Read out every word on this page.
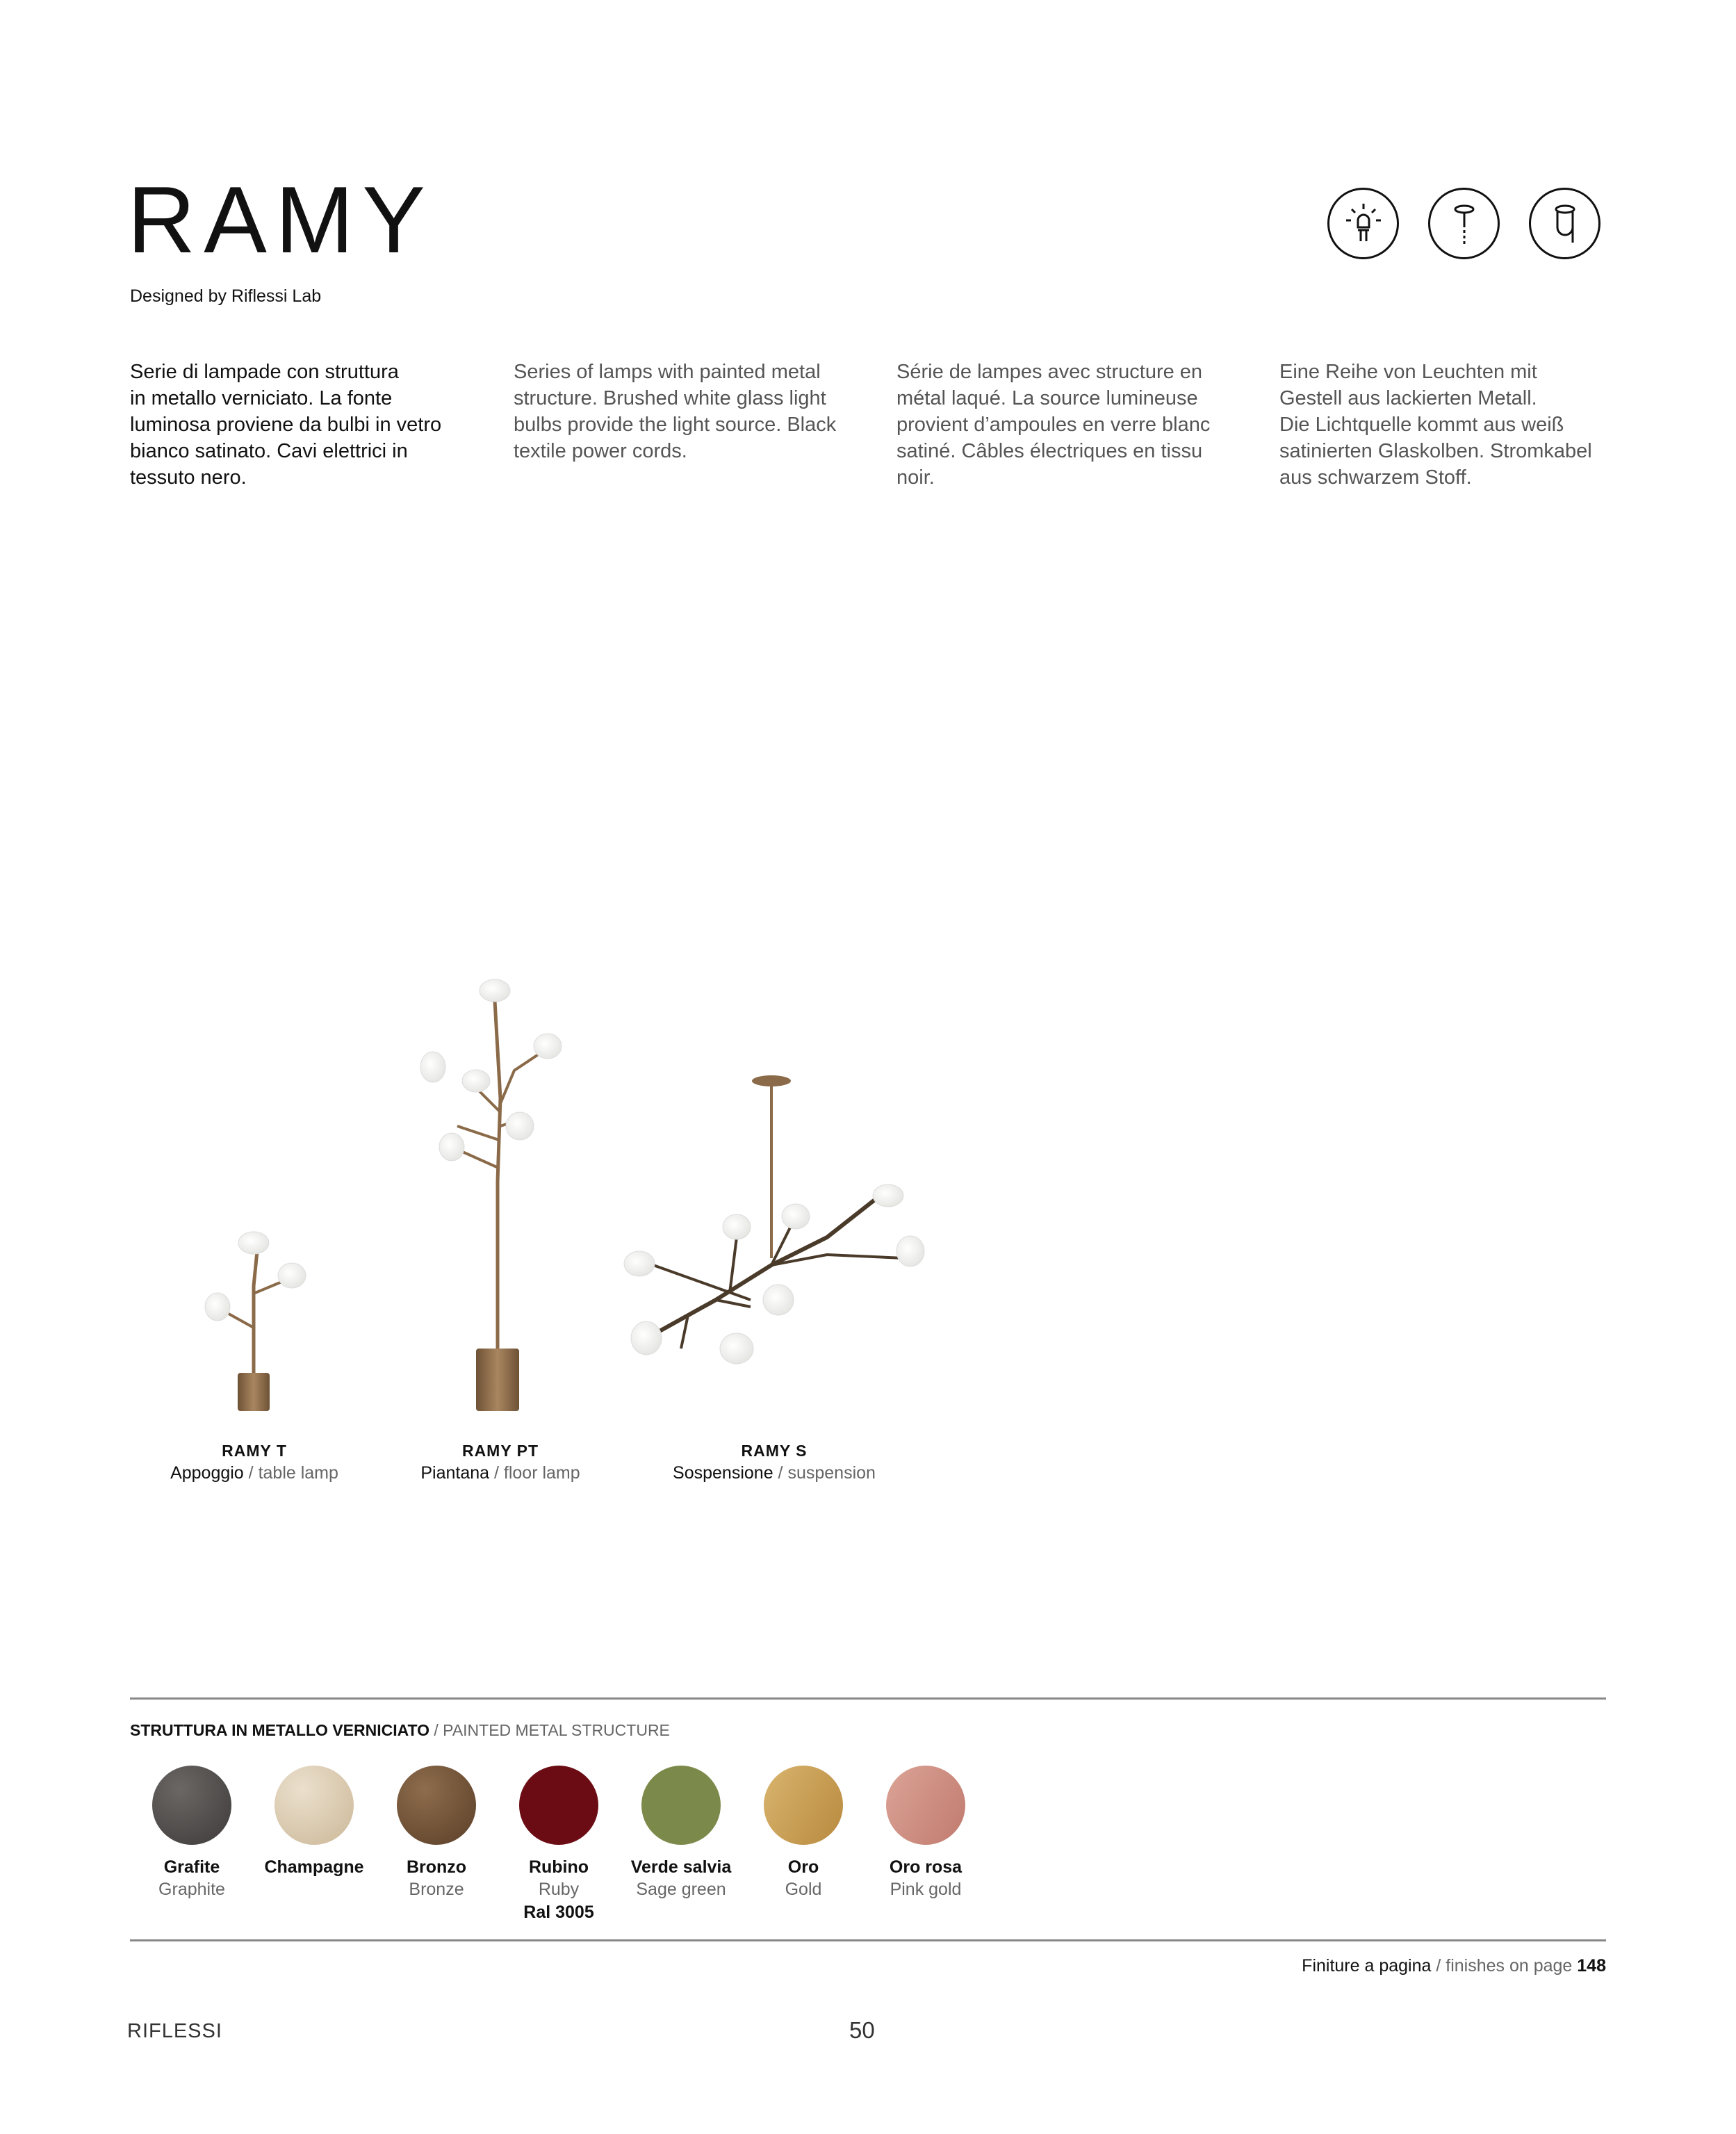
RAMY
Designed by Riflessi Lab
Serie di lampade con struttura
in metallo verniciato. La fonte
luminosa proviene da bulbi in vetro
bianco satinato. Cavi elettrici in
tessuto nero.
Series of lamps with painted metal
structure. Brushed white glass light
bulbs provide the light source. Black
textile power cords.
Série de lampes avec structure en
métal laqué. La source lumineuse
provient d’ampoules en verre blanc
satiné. Câbles électriques en tissu
noir.
Eine Reihe von Leuchten mit
Gestell aus lackierten Metall.
Die Lichtquelle kommt aus weiß
satinierten Glaskolben. Stromkabel
aus schwarzem Stoff.
RAMY T
Appoggio / table lamp
RAMY PT
Piantana / floor lamp
RAMY S
Sospensione / suspension
STRUTTURA IN METALLO VERNICIATO / PAINTED METAL STRUCTURE
Grafite
Graphite
Champagne	Bronzo
Bronze
Rubino
Ruby
Ral 3005
Verde salvia
Sage green
Oro
Gold
Oro rosa
Pink gold
Finiture a pagina / finishes on page 148
RIFLESSI	50
